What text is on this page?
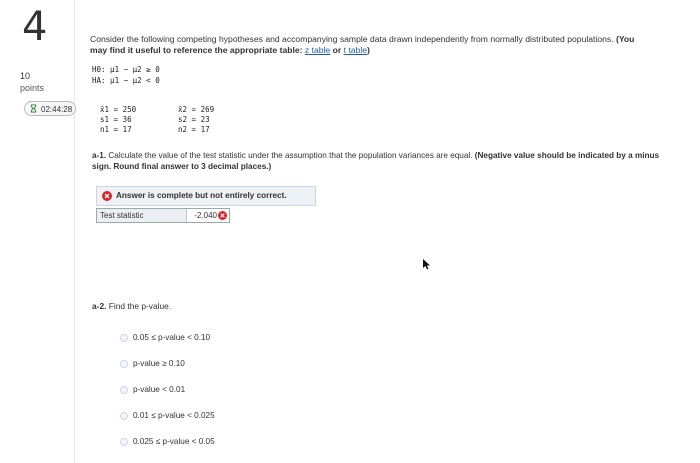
4
10
points
02:44:28
Consider the following competing hypotheses and accompanying sample data drawn independently from normally distributed populations. (You may find it useful to reference the appropriate table: z table or t table)
H0: μ1 − μ2 ≥ 0
HA: μ1 − μ2 < 0
x̄1 = 250
s1 = 36
n1 = 17
x̄2 = 269
s2 = 23
n2 = 17
a-1. Calculate the value of the test statistic under the assumption that the population variances are equal. (Negative value should be indicated by a minus sign. Round final answer to 3 decimal places.)
Answer is complete but not entirely correct.
Test statistic	-2.040
a-2. Find the p-value.
0.05 ≤ p-value < 0.10
p-value ≥ 0.10
p-value < 0.01
0.01 ≤ p-value < 0.025
0.025 ≤ p-value < 0.05
